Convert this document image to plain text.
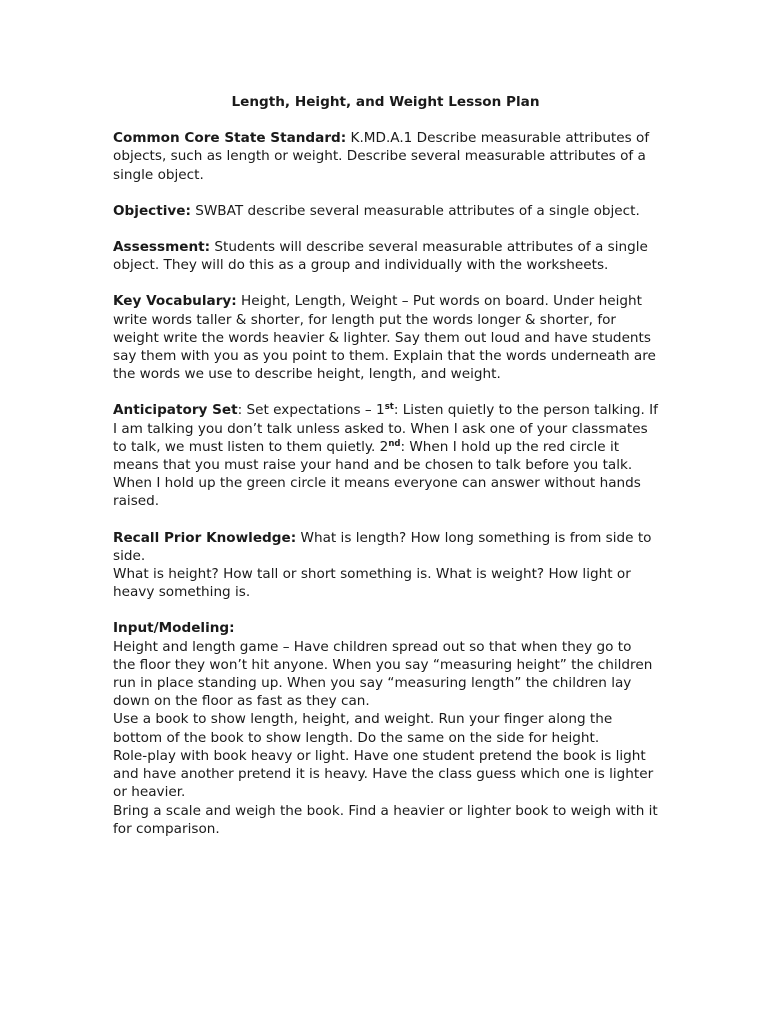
Length, Height, and Weight Lesson Plan

Common Core State Standard: K.MD.A.1 Describe measurable attributes of objects, such as length or weight. Describe several measurable attributes of a single object.

Objective: SWBAT describe several measurable attributes of a single object.

Assessment: Students will describe several measurable attributes of a single object. They will do this as a group and individually with the worksheets.

Key Vocabulary: Height, Length, Weight – Put words on board. Under height write words taller & shorter, for length put the words longer & shorter, for weight write the words heavier & lighter. Say them out loud and have students say them with you as you point to them. Explain that the words underneath are the words we use to describe height, length, and weight.

Anticipatory Set: Set expectations – 1st: Listen quietly to the person talking. If I am talking you don’t talk unless asked to. When I ask one of your classmates to talk, we must listen to them quietly. 2nd: When I hold up the red circle it means that you must raise your hand and be chosen to talk before you talk. When I hold up the green circle it means everyone can answer without hands raised.

Recall Prior Knowledge: What is length? How long something is from side to side.

What is height? How tall or short something is. What is weight? How light or heavy something is.

Input/Modeling:

Height and length game – Have children spread out so that when they go to the floor they won’t hit anyone. When you say “measuring height” the children run in place standing up. When you say “measuring length” the children lay down on the floor as fast as they can.

Use a book to show length, height, and weight. Run your finger along the bottom of the book to show length. Do the same on the side for height.

Role-play with book heavy or light. Have one student pretend the book is light and have another pretend it is heavy. Have the class guess which one is lighter or heavier.

Bring a scale and weigh the book. Find a heavier or lighter book to weigh with it for comparison.
